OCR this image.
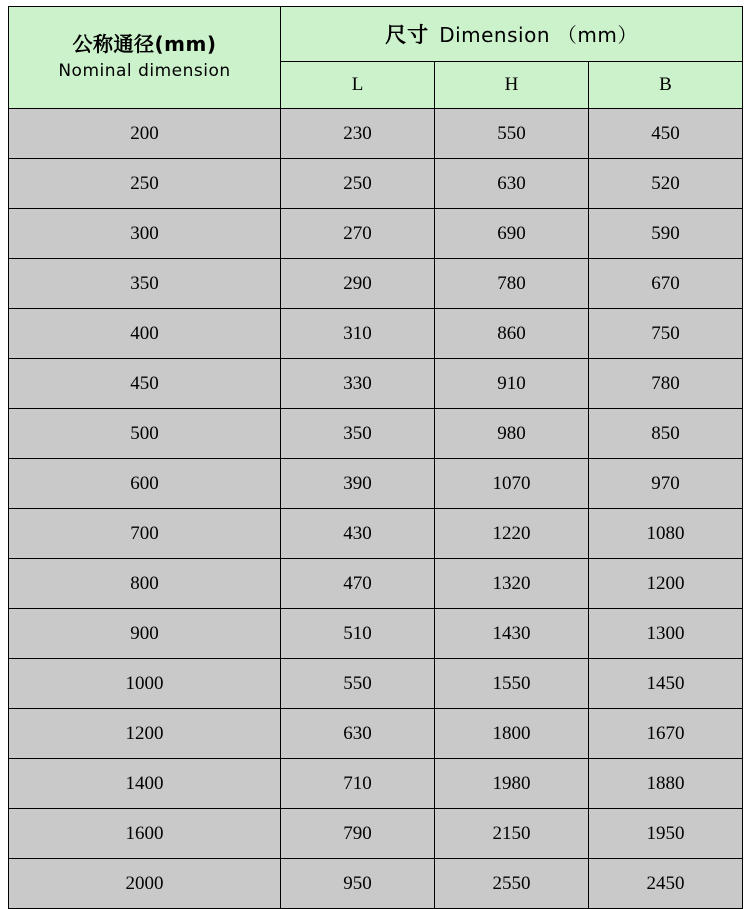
公称通径(mm)
Nominal dimension	尺寸 Dimension （mm）		
	L	H	B
200	230	550	450
250	250	630	520
300	270	690	590
350	290	780	670
400	310	860	750
450	330	910	780
500	350	980	850
600	390	1070	970
700	430	1220	1080
800	470	1320	1200
900	510	1430	1300
1000	550	1550	1450
1200	630	1800	1670
1400	710	1980	1880
1600	790	2150	1950
2000	950	2550	2450
